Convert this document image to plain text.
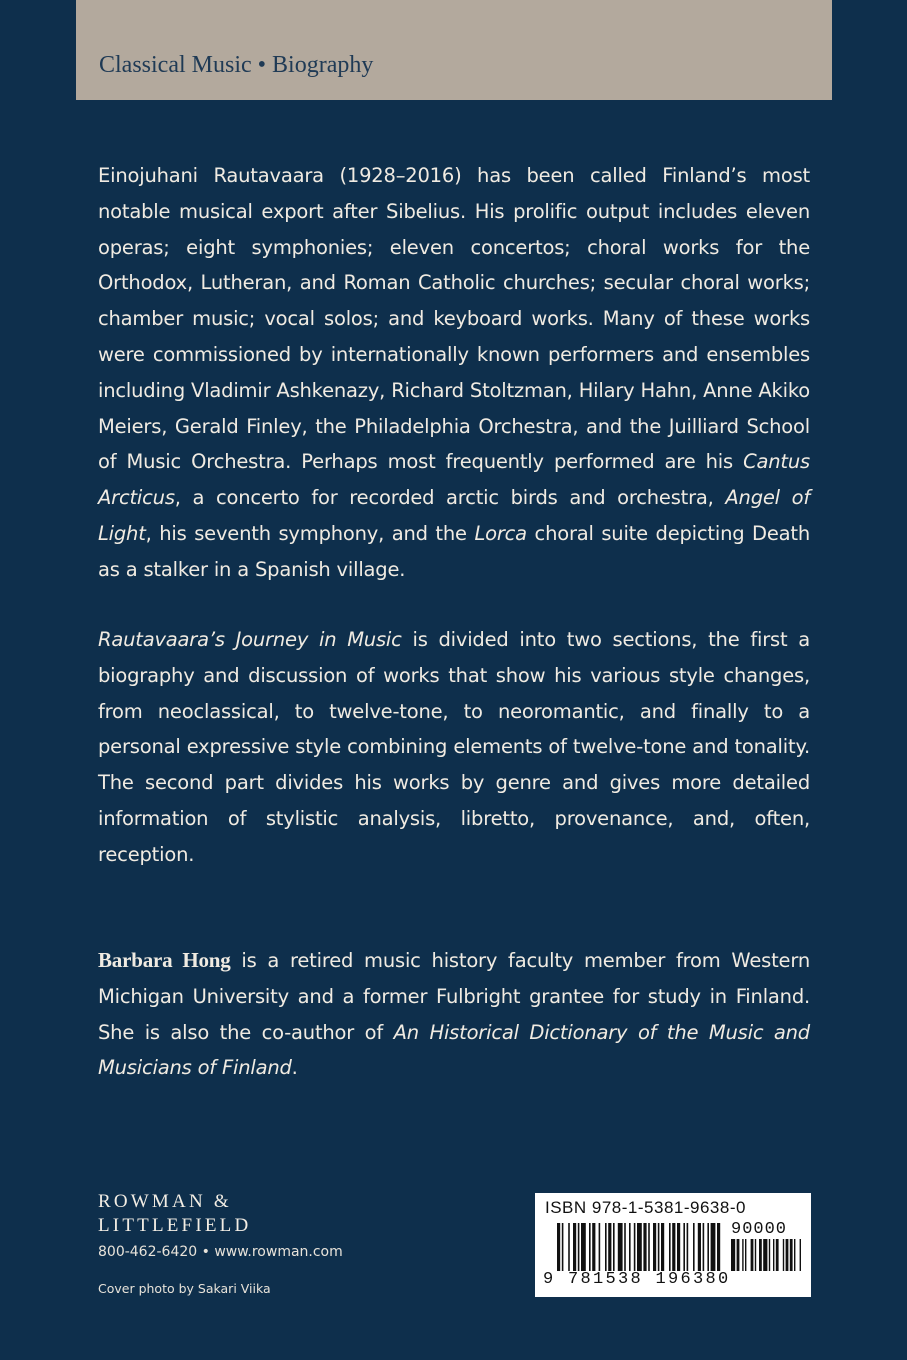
Classical Music • Biography

Einojuhani Rautavaara (1928–2016) has been called Finland’s most notable musical export after Sibelius. His prolific output includes eleven operas; eight symphonies; eleven concertos; choral works for the Orthodox, Lutheran, and Roman Catholic churches; secular choral works; chamber music; vocal solos; and keyboard works. Many of these works were commissioned by internationally known performers and ensembles including Vladimir Ashkenazy, Richard Stoltzman, Hilary Hahn, Anne Akiko Meiers, Gerald Finley, the Philadelphia Orchestra, and the Juilliard School of Music Orchestra. Perhaps most frequently performed are his Cantus Arcticus, a concerto for recorded arctic birds and orchestra, Angel of Light, his seventh symphony, and the Lorca choral suite depicting Death as a stalker in a Spanish village.

Rautavaara’s Journey in Music is divided into two sections, the first a biography and discussion of works that show his various style changes, from neoclassical, to twelve-tone, to neoromantic, and finally to a personal expressive style combining elements of twelve-tone and tonality. The second part divides his works by genre and gives more detailed information of stylistic analysis, libretto, provenance, and, often, reception.

Barbara Hong is a retired music history faculty member from Western Michigan University and a former Fulbright grantee for study in Finland. She is also the co-author of An Historical Dictionary of the Music and Musicians of Finland.

ROWMAN &
LITTLEFIELD
800-462-6420 • www.rowman.com
Cover photo by Sakari Viika
ISBN 978-1-5381-9638-0
90000
9 781538 196380
